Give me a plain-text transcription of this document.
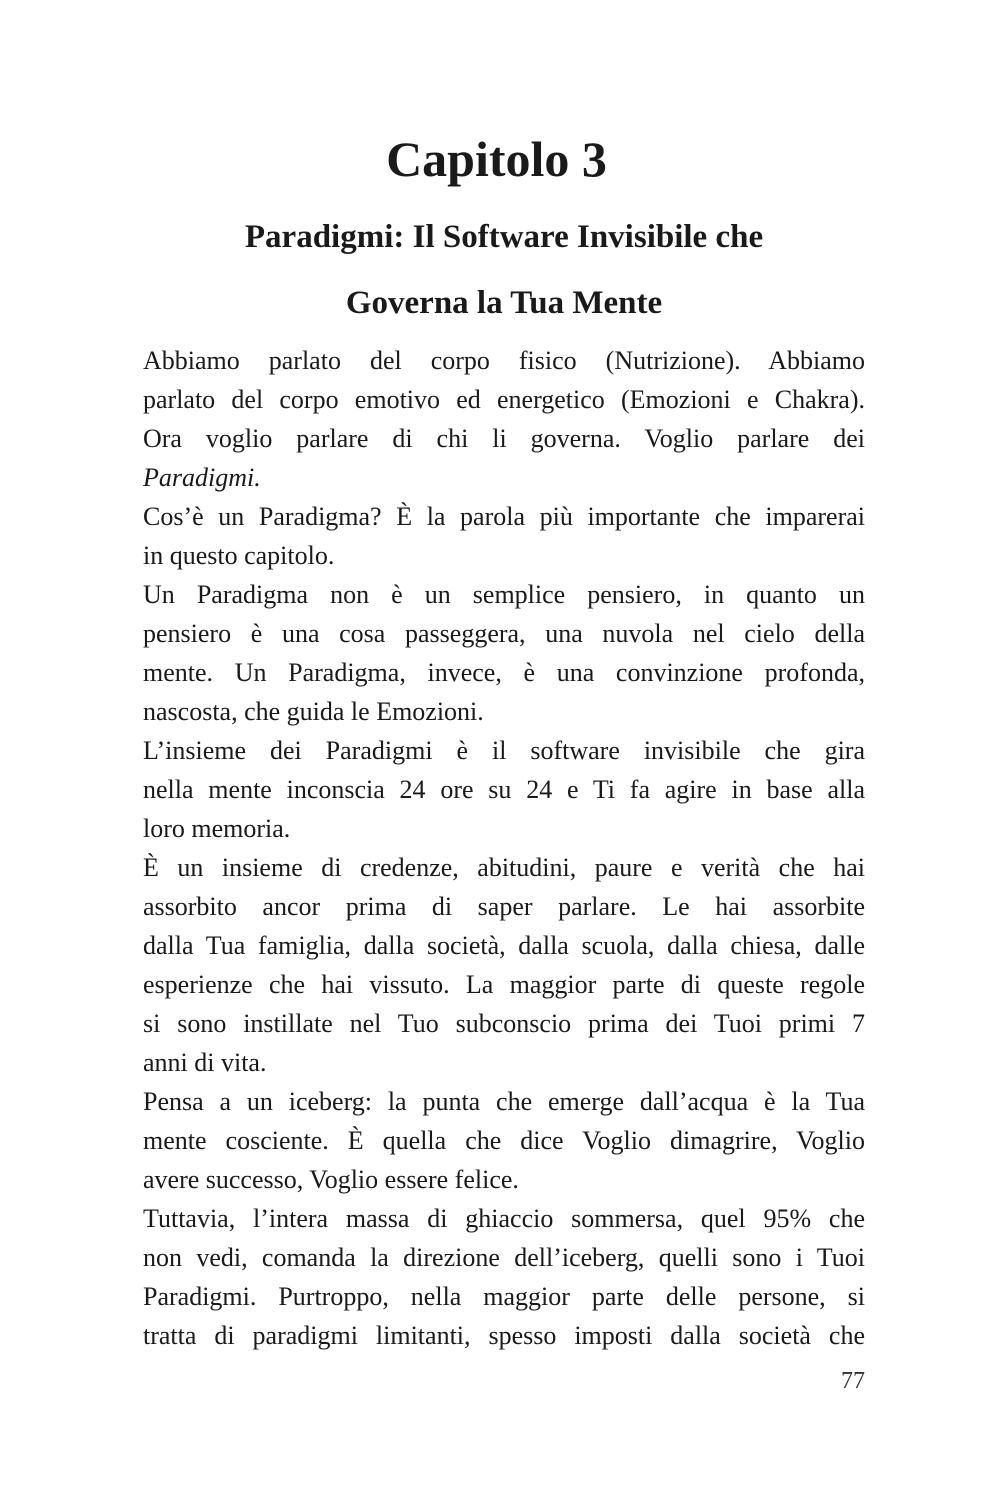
Capitolo 3
Paradigmi: Il Software Invisibile che
Governa la Tua Mente
Abbiamo parlato del corpo fisico (Nutrizione). Abbiamo
parlato del corpo emotivo ed energetico (Emozioni e Chakra).
Ora voglio parlare di chi li governa. Voglio parlare dei
Paradigmi.
Cos’è un Paradigma? È la parola più importante che imparerai
in questo capitolo.
Un Paradigma non è un semplice pensiero, in quanto un
pensiero è una cosa passeggera, una nuvola nel cielo della
mente. Un Paradigma, invece, è una convinzione profonda,
nascosta, che guida le Emozioni.
L’insieme dei Paradigmi è il software invisibile che gira
nella mente inconscia 24 ore su 24 e Ti fa agire in base alla
loro memoria.
È un insieme di credenze, abitudini, paure e verità che hai
assorbito ancor prima di saper parlare. Le hai assorbite
dalla Tua famiglia, dalla società, dalla scuola, dalla chiesa, dalle
esperienze che hai vissuto. La maggior parte di queste regole
si sono instillate nel Tuo subconscio prima dei Tuoi primi 7
anni di vita.
Pensa a un iceberg: la punta che emerge dall’acqua è la Tua
mente cosciente. È quella che dice Voglio dimagrire, Voglio
avere successo, Voglio essere felice.
Tuttavia, l’intera massa di ghiaccio sommersa, quel 95% che
non vedi, comanda la direzione dell’iceberg, quelli sono i Tuoi
Paradigmi. Purtroppo, nella maggior parte delle persone, si
tratta di paradigmi limitanti, spesso imposti dalla società che
77
